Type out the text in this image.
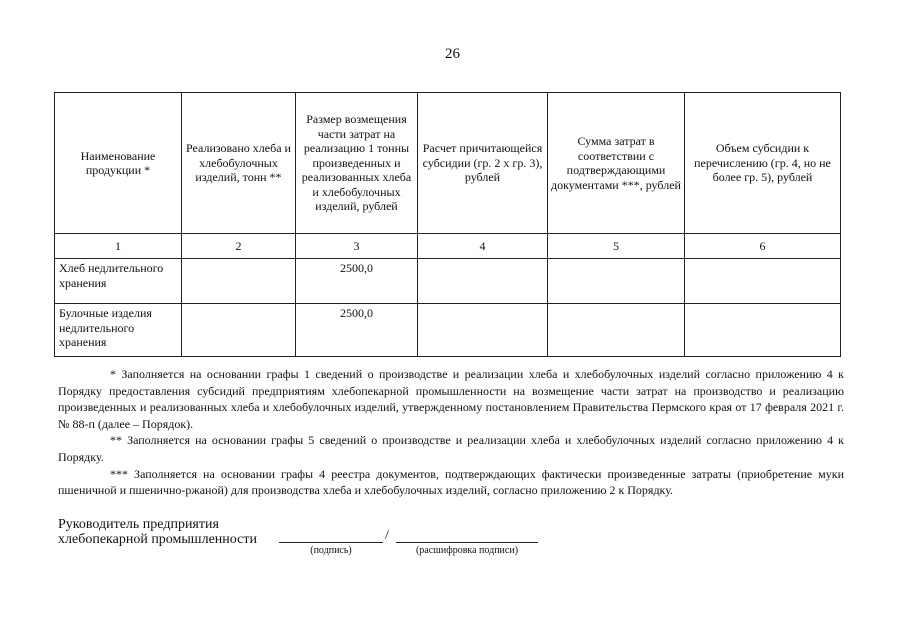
26
Наименование продукции *	Реализовано хлеба и хлебобулочных изделий, тонн **	Размер возмещения части затрат на реализацию 1 тонны произведенных и реализованных хлеба и хлебобулочных изделий, рублей	Расчет причитающейся субсидии (гр. 2 х гр. 3), рублей	Сумма затрат в соответствии с подтверждающими документами ***, рублей	Объем субсидии к перечислению (гр. 4, но не более гр. 5), рублей
1	2	3	4	5	6
Хлеб недлительного хранения		2500,0			
Булочные изделия недлительного хранения		2500,0			

* Заполняется на основании графы 1 сведений о производстве и реализации хлеба и хлебобулочных изделий согласно приложению 4 к Порядку предоставления субсидий предприятиям хлебопекарной промышленности на возмещение части затрат на производство и реализацию произведенных и реализованных хлеба и хлебобулочных изделий, утвержденному постановлением Правительства Пермского края от 17 февраля 2021 г. № 88-п (далее – Порядок).

** Заполняется на основании графы 5 сведений о производстве и реализации хлеба и хлебобулочных изделий согласно приложению 4 к Порядку.

*** Заполняется на основании графы 4 реестра документов, подтверждающих фактически произведенные затраты (приобретение муки пшеничной и пшенично-ржаной) для производства хлеба и хлебобулочных изделий, согласно приложению 2 к Порядку.

Руководитель предприятия
хлебопекарной промышленности	/
(подпись)	(расшифровка подписи)
